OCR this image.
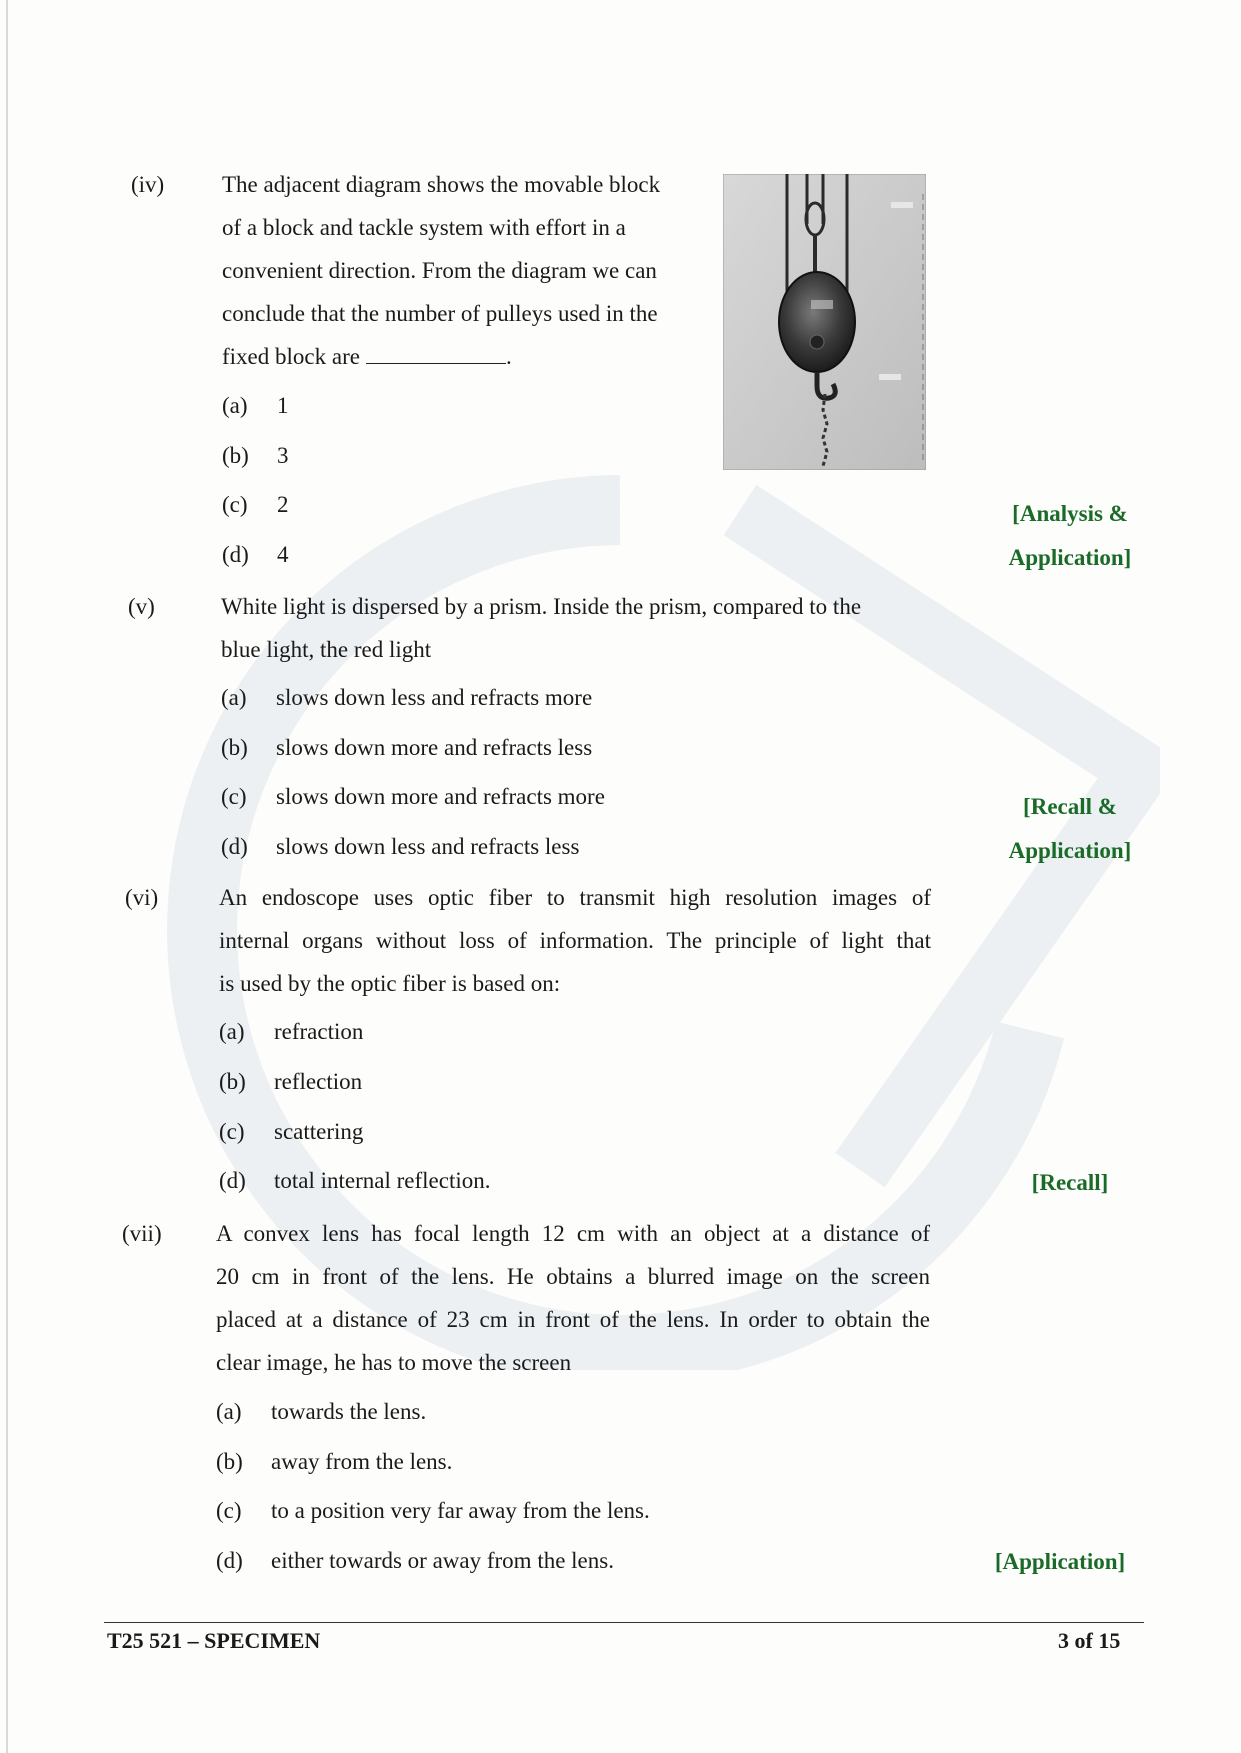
(iv)	The adjacent diagram shows the movable block
of a block and tackle system with effort in a
convenient direction. From the diagram we can
conclude that the number of pulleys used in the
fixed block are	.
(a) 1
(b) 3
(c) 2
(d) 4
[Analysis &
Application]
(v)	White light is dispersed by a prism. Inside the prism, compared to the
blue light, the red light
(a) slows down less and refracts more
(b) slows down more and refracts less
(c) slows down more and refracts more
(d) slows down less and refracts less
[Recall &
Application]
(vi)	An endoscope uses optic fiber to transmit high resolution images of
internal organs without loss of information. The principle of light that
is used by the optic fiber is based on:
(a) refraction
(b) reflection
(c) scattering
(d) total internal reflection.	[Recall]
(vii) A convex lens has focal length 12 cm with an object at a distance of
20 cm in front of the lens. He obtains a blurred image on the screen
placed at a distance of 23 cm in front of the lens. In order to obtain the
clear image, he has to move the screen
(a) towards the lens.
(b) away from the lens.
(c) to a position very far away from the lens.
(d) either towards or away from the lens.	[Application]
T25 521 – SPECIMEN	3 of 15
